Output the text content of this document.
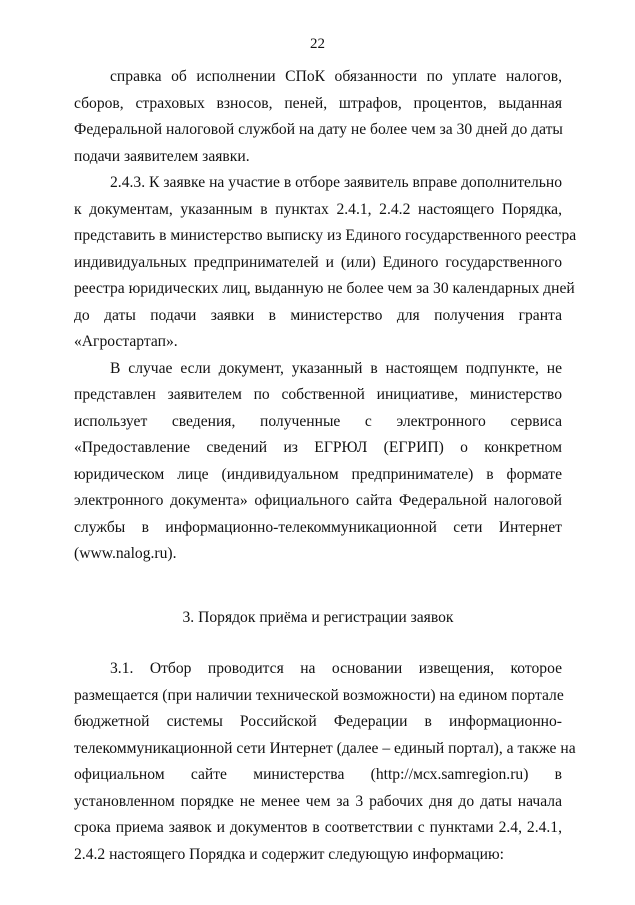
22
справка об исполнении СПоК обязанности по уплате налогов,
сборов, страховых взносов, пеней, штрафов, процентов, выданная
Федеральной налоговой службой на дату не более чем за 30 дней до даты
подачи заявителем заявки.
2.4.3. К заявке на участие в отборе заявитель вправе дополнительно
к документам, указанным в пунктах 2.4.1, 2.4.2 настоящего Порядка,
представить в министерство выписку из Единого государственного реестра
индивидуальных предпринимателей и (или) Единого государственного
реестра юридических лиц, выданную не более чем за 30 календарных дней
до даты подачи заявки в министерство для получения гранта
«Агростартап».
В случае если документ, указанный в настоящем подпункте, не
представлен заявителем по собственной инициативе, министерство
использует сведения, полученные с электронного сервиса
«Предоставление сведений из ЕГРЮЛ (ЕГРИП) о конкретном
юридическом лице (индивидуальном предпринимателе) в формате
электронного документа» официального сайта Федеральной налоговой
службы в информационно-телекоммуникационной сети Интернет
(www.nalog.ru).
3. Порядок приёма и регистрации заявок
3.1. Отбор проводится на основании извещения, которое
размещается (при наличии технической возможности) на едином портале
бюджетной системы Российской Федерации в информационно-
телекоммуникационной сети Интернет (далее – единый портал), а также на
официальном сайте министерства (http://мсх.samregion.ru) в
установленном порядке не менее чем за 3 рабочих дня до даты начала
срока приема заявок и документов в соответствии с пунктами 2.4, 2.4.1,
2.4.2 настоящего Порядка и содержит следующую информацию:
